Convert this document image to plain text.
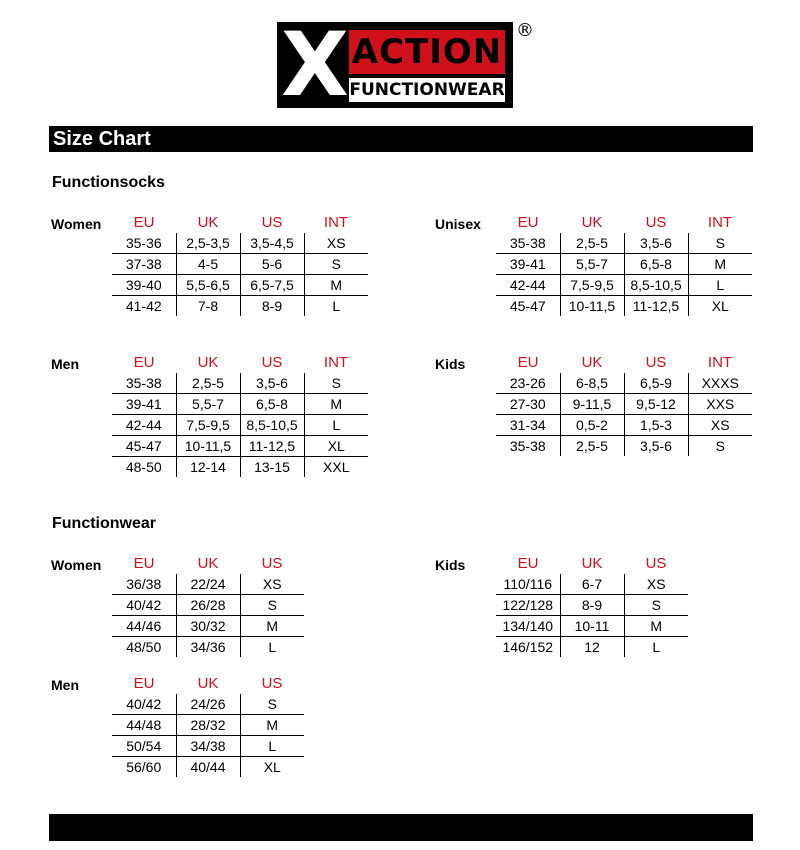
X ACTION
FUNCTIONWEAR
®
Size Chart
Functionsocks
Women EU	UK	US	INT
35-36	2,5-3,5	3,5-4,5	XS
37-38	4-5	5-6	S
39-40	5,5-6,5	6,5-7,5	M
41-42	7-8	8-9	L
Unisex EU	UK	US	INT
35-38	2,5-5	3,5-6	S
39-41	5,5-7	6,5-8	M
42-44	7,5-9,5	8,5-10,5	L
45-47	10-11,5	11-12,5	XL
Men	EU	UK	US	INT
35-38	2,5-5	3,5-6	S
39-41	5,5-7	6,5-8	M
42-44	7,5-9,5	8,5-10,5	L
45-47	10-11,5	11-12,5	XL
48-50	12-14	13-15	XXL
Kids	EU	UK	US	INT
23-26	6-8,5	6,5-9	XXXS
27-30	9-11,5	9,5-12	XXS
31-34	0,5-2	1,5-3	XS
35-38	2,5-5	3,5-6	S
Functionwear
Women EU	UK	US
36/38	22/24	XS
40/42	26/28	S
44/46	30/32	M
48/50	34/36	L
Kids	EU	UK	US
110/116	6-7	XS
122/128	8-9	S
134/140	10-11	M
146/152	12	L
Men	EU	UK	US
40/42	24/26	S
44/48	28/32	M
50/54	34/38	L
56/60	40/44	XL
